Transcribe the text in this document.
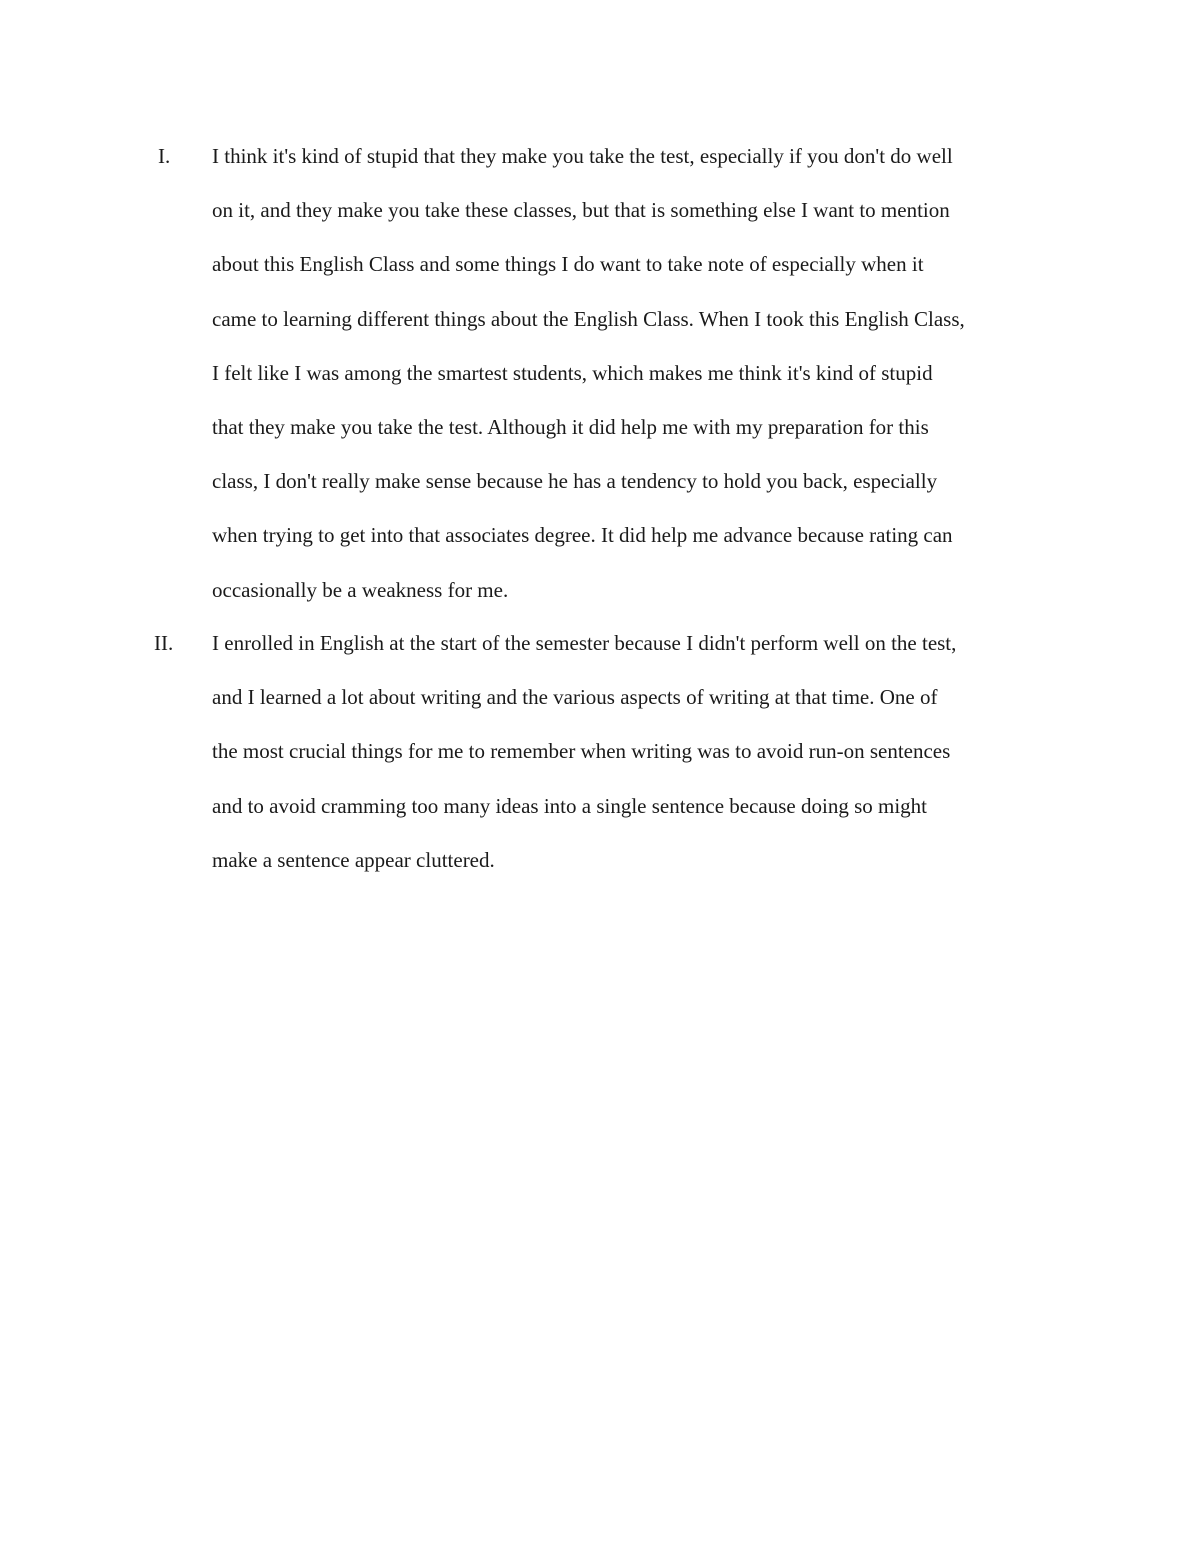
I. I think it's kind of stupid that they make you take the test, especially if you don't do well
on it, and they make you take these classes, but that is something else I want to mention
about this English Class and some things I do want to take note of especially when it
came to learning different things about the English Class. When I took this English Class,
I felt like I was among the smartest students, which makes me think it's kind of stupid
that they make you take the test. Although it did help me with my preparation for this
class, I don't really make sense because he has a tendency to hold you back, especially
when trying to get into that associates degree. It did help me advance because rating can
occasionally be a weakness for me.
II. I enrolled in English at the start of the semester because I didn't perform well on the test,
and I learned a lot about writing and the various aspects of writing at that time. One of
the most crucial things for me to remember when writing was to avoid run-on sentences
and to avoid cramming too many ideas into a single sentence because doing so might
make a sentence appear cluttered.
